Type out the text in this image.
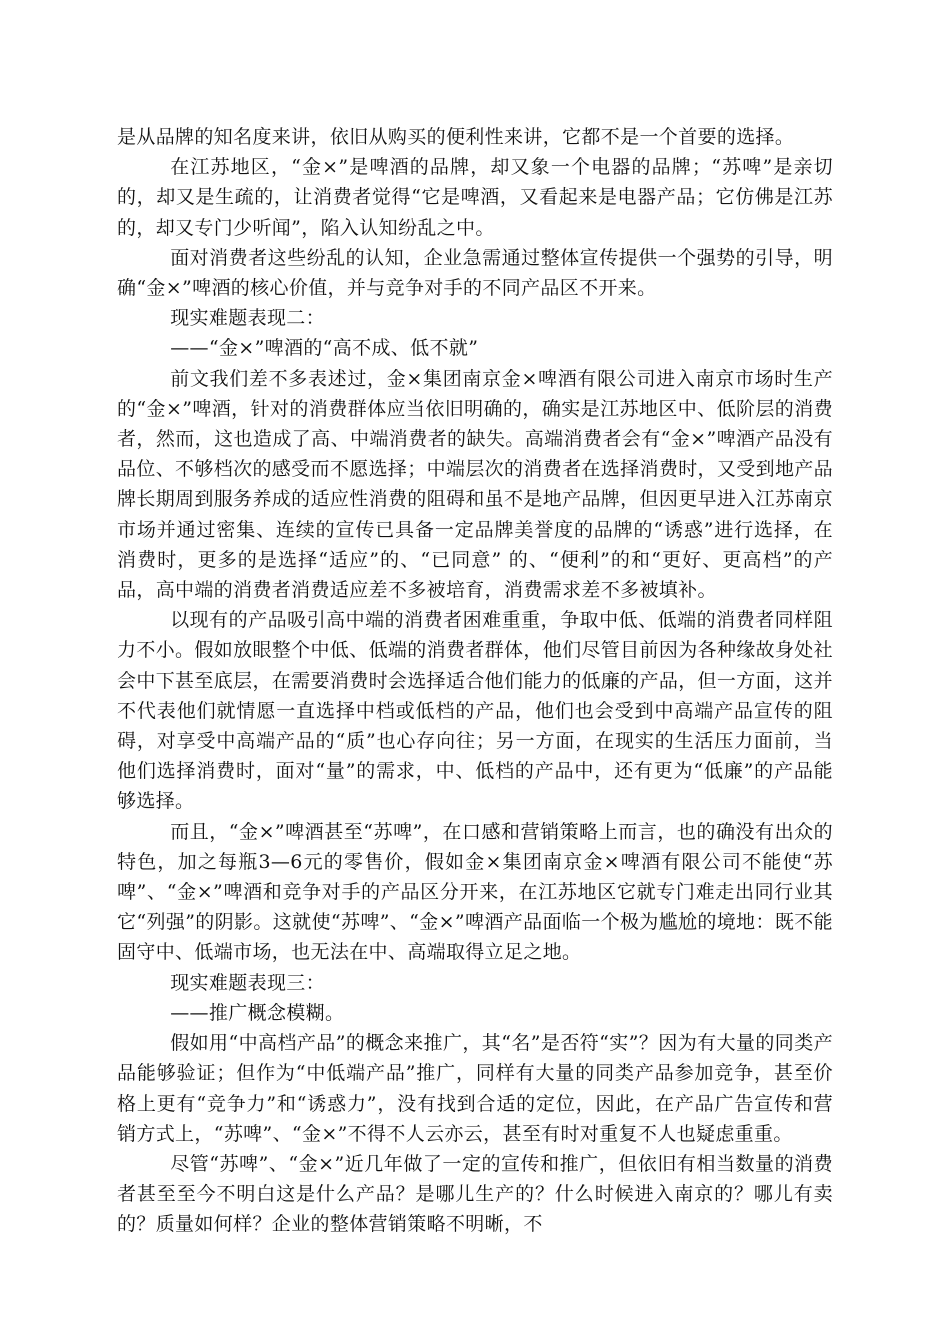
是从品牌的知名度来讲，依旧从购买的便利性来讲，它都不是一个首要的选择。

在江苏地区，“金×”是啤酒的品牌，却又象一个电器的品牌；“苏啤”是亲切的，却又是生疏的，让消费者觉得“它是啤酒，又看起来是电器产品；它仿佛是江苏的，却又专门少听闻”，陷入认知纷乱之中。

面对消费者这些纷乱的认知，企业急需通过整体宣传提供一个强势的引导，明确“金×”啤酒的核心价值，并与竞争对手的不同产品区不开来。

现实难题表现二：

——“金×”啤酒的“高不成、低不就”

前文我们差不多表述过，金×集团南京金×啤酒有限公司进入南京市场时生产的“金×”啤酒，针对的消费群体应当依旧明确的，确实是江苏地区中、低阶层的消费者，然而，这也造成了高、中端消费者的缺失。高端消费者会有“金×”啤酒产品没有品位、不够档次的感受而不愿选择；中端层次的消费者在选择消费时，又受到地产品牌长期周到服务养成的适应性消费的阻碍和虽不是地产品牌，但因更早进入江苏南京市场并通过密集、连续的宣传已具备一定品牌美誉度的品牌的“诱惑”进行选择，在消费时，更多的是选择“适应”的、“已同意” 的、“便利”的和“更好、更高档”的产品，高中端的消费者消费适应差不多被培育，消费需求差不多被填补。

以现有的产品吸引高中端的消费者困难重重，争取中低、低端的消费者同样阻力不小。假如放眼整个中低、低端的消费者群体，他们尽管目前因为各种缘故身处社会中下甚至底层，在需要消费时会选择适合他们能力的低廉的产品，但一方面，这并不代表他们就情愿一直选择中档或低档的产品，他们也会受到中高端产品宣传的阻碍，对享受中高端产品的“质”也心存向往；另一方面，在现实的生活压力面前，当他们选择消费时，面对“量”的需求，中、低档的产品中，还有更为“低廉”的产品能够选择。

而且，“金×”啤酒甚至“苏啤”，在口感和营销策略上而言，也的确没有出众的特色，加之每瓶3—6元的零售价，假如金×集团南京金×啤酒有限公司不能使“苏啤”、“金×”啤酒和竞争对手的产品区分开来，在江苏地区它就专门难走出同行业其它“列强”的阴影。这就使“苏啤”、“金×”啤酒产品面临一个极为尴尬的境地：既不能固守中、低端市场，也无法在中、高端取得立足之地。

现实难题表现三：

——推广概念模糊。

假如用“中高档产品”的概念来推广，其“名”是否符“实”？因为有大量的同类产品能够验证；但作为“中低端产品”推广，同样有大量的同类产品参加竞争，甚至价格上更有“竞争力”和“诱惑力”，没有找到合适的定位，因此，在产品广告宣传和营销方式上，“苏啤”、“金×”不得不人云亦云，甚至有时对重复不人也疑虑重重。

尽管“苏啤”、“金×”近几年做了一定的宣传和推广，但依旧有相当数量的消费者甚至至今不明白这是什么产品？是哪儿生产的？什么时候进入南京的？哪儿有卖的？质量如何样？企业的整体营销策略不明晰，不
